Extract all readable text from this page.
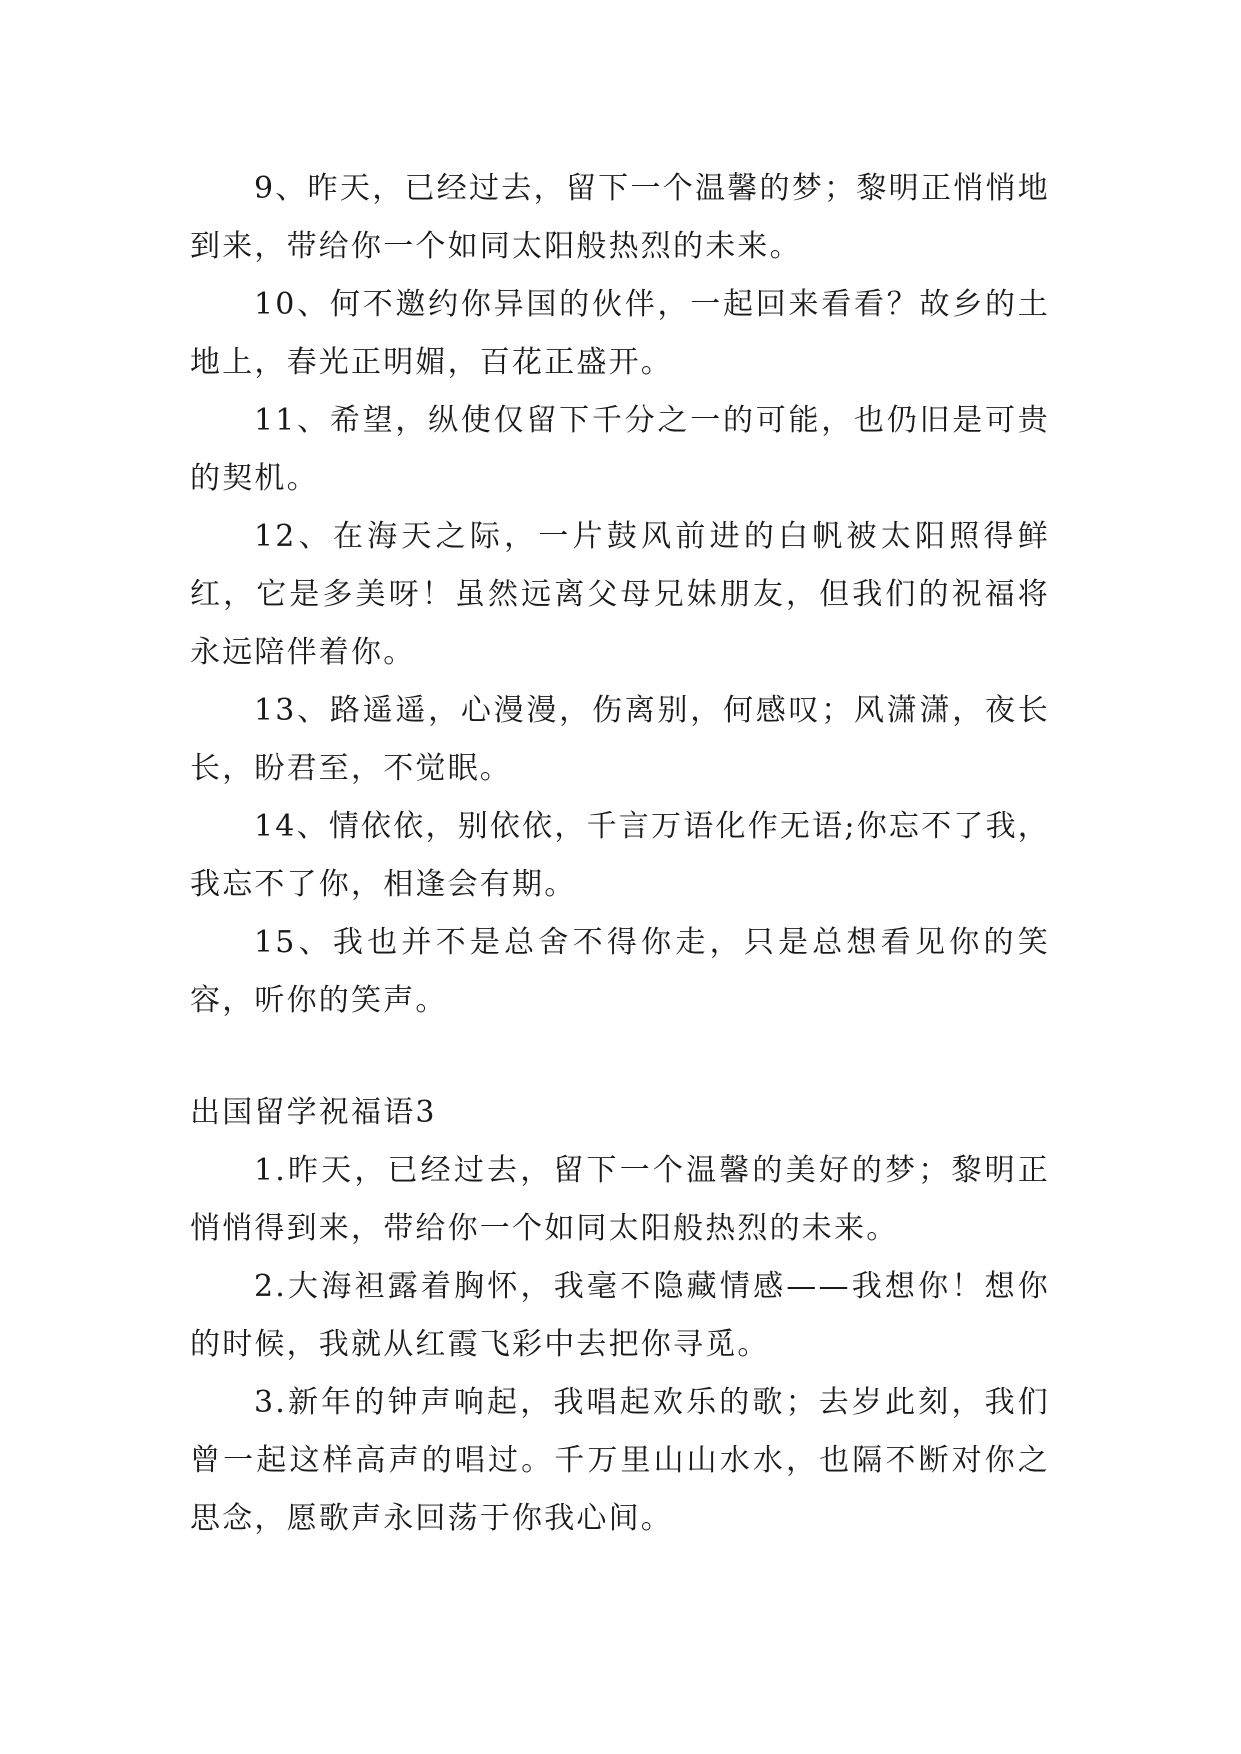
9、昨天，已经过去，留下一个温馨的梦；黎明正悄悄地到来，带给你一个如同太阳般热烈的未来。

10、何不邀约你异国的伙伴，一起回来看看？故乡的土地上，春光正明媚，百花正盛开。

11、希望，纵使仅留下千分之一的可能，也仍旧是可贵的契机。

12、在海天之际，一片鼓风前进的白帆被太阳照得鲜红，它是多美呀！虽然远离父母兄妹朋友，但我们的祝福将永远陪伴着你。

13、路遥遥，心漫漫，伤离别，何感叹；风潇潇，夜长长，盼君至，不觉眠。

14、情依依，别依依，千言万语化作无语;你忘不了我，我忘不了你，相逢会有期。

15、我也并不是总舍不得你走，只是总想看见你的笑容，听你的笑声。

出国留学祝福语3

1.昨天，已经过去，留下一个温馨的美好的梦；黎明正悄悄得到来，带给你一个如同太阳般热烈的未来。

2.大海袒露着胸怀，我毫不隐藏情感——我想你！想你的时候，我就从红霞飞彩中去把你寻觅。

3.新年的钟声响起，我唱起欢乐的歌；去岁此刻，我们曾一起这样高声的唱过。千万里山山水水，也隔不断对你之思念，愿歌声永回荡于你我心间。
